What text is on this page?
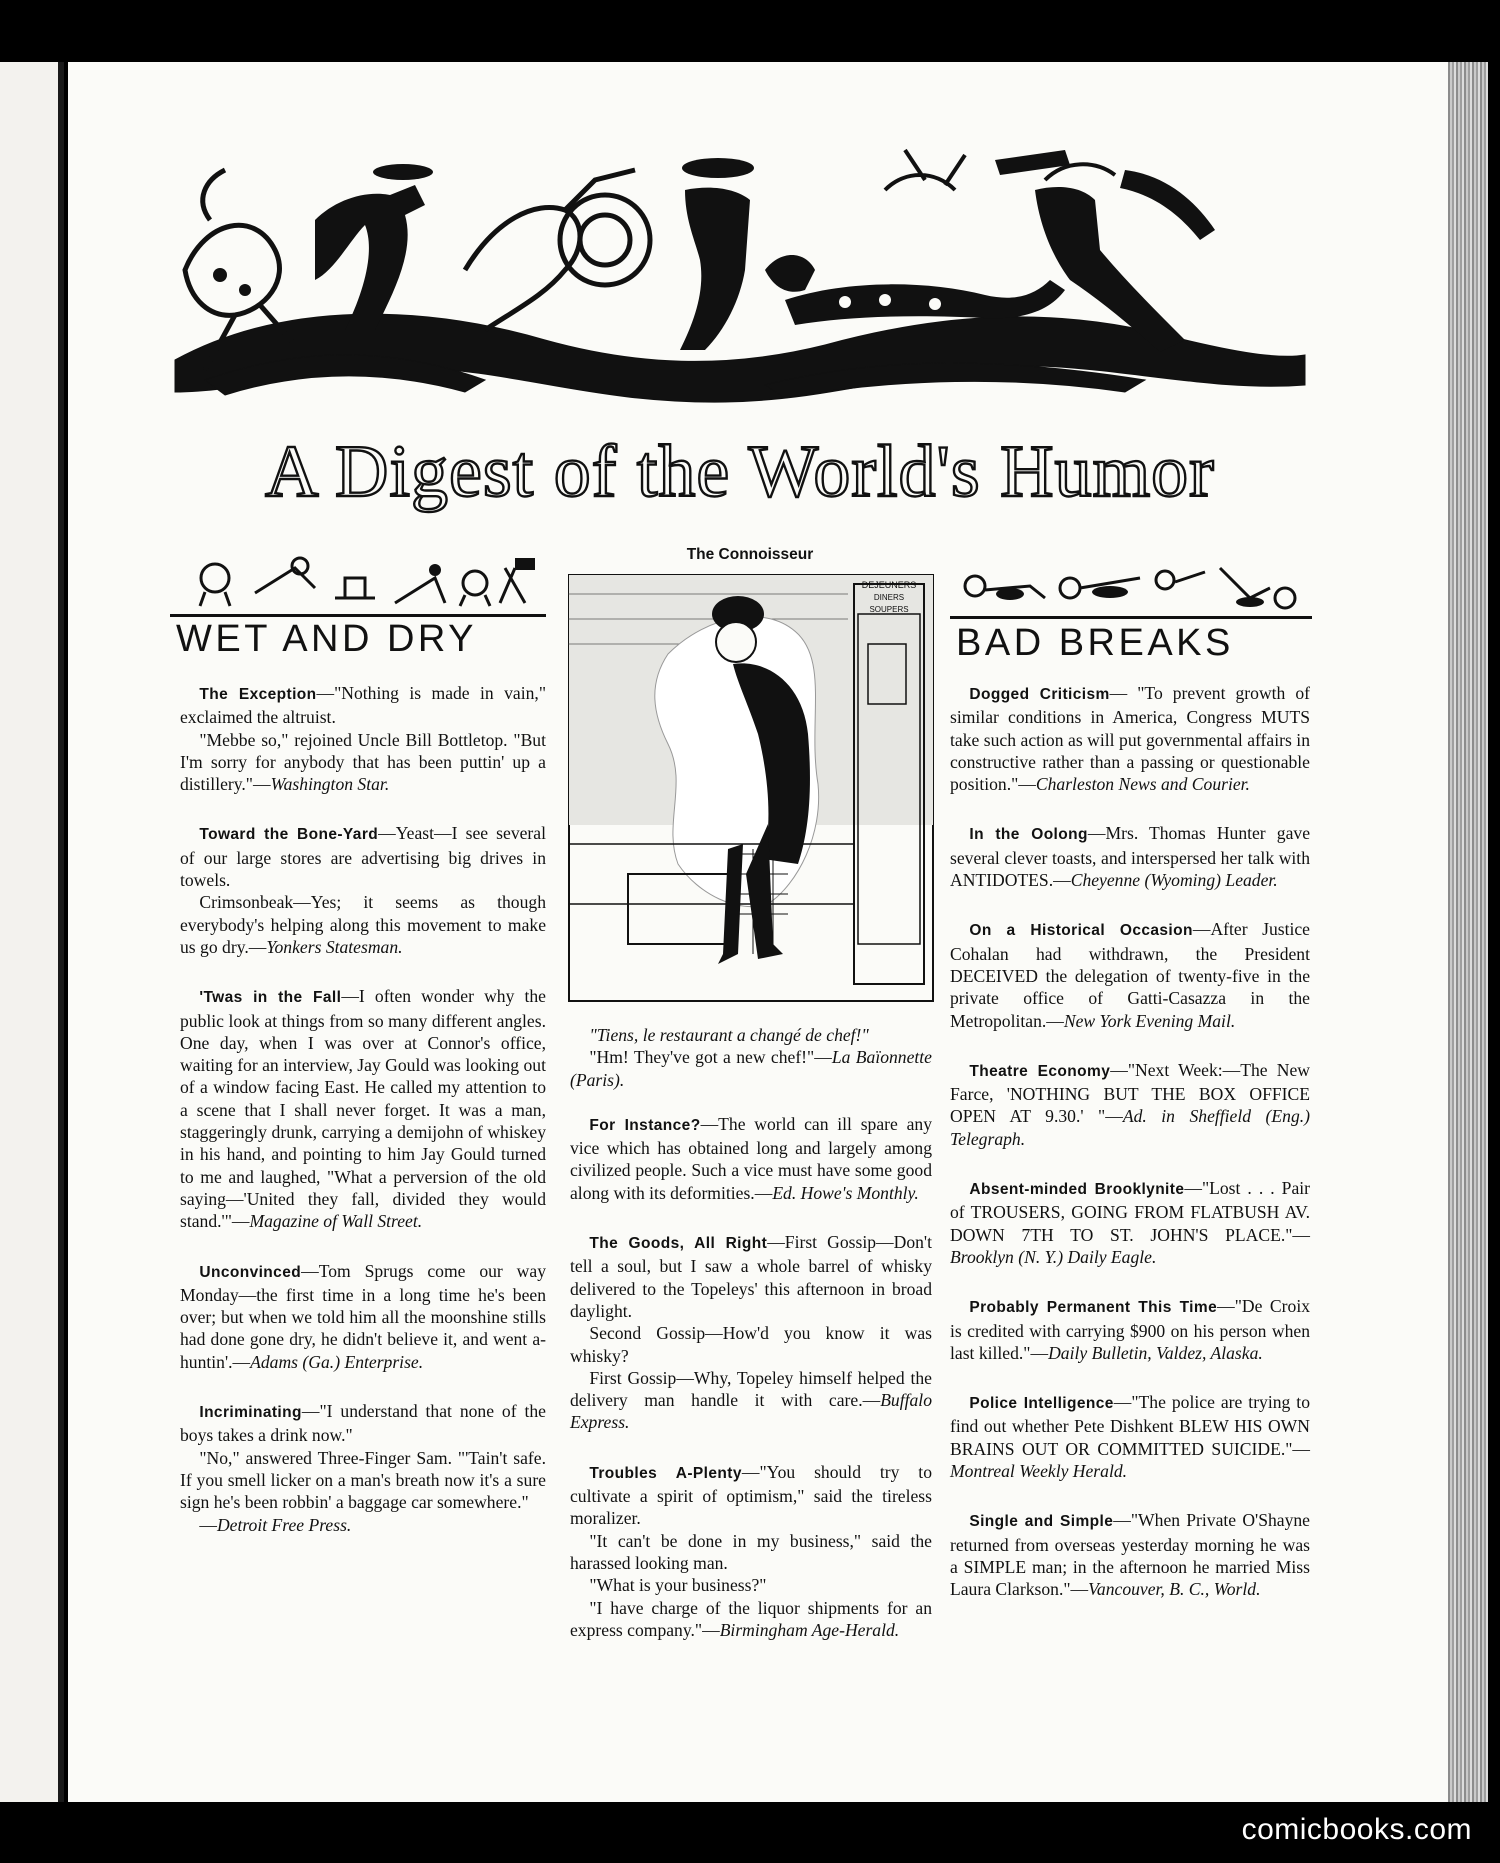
comicbooks.com
A Digest of the World's Humor
WET AND DRY

The Exception—"Nothing is made in vain," exclaimed the altruist.

"Mebbe so," rejoined Uncle Bill Bottletop. "But I'm sorry for anybody that has been puttin' up a distillery."—Washington Star.

Toward the Bone-Yard—Yeast—I see several of our large stores are advertising big drives in towels.

Crimsonbeak—Yes; it seems as though everybody's helping along this movement to make us go dry.—Yonkers Statesman.

'Twas in the Fall—I often wonder why the public look at things from so many different angles. One day, when I was over at Connor's office, waiting for an interview, Jay Gould was looking out of a window facing East. He called my attention to a scene that I shall never forget. It was a man, staggeringly drunk, carrying a demijohn of whiskey in his hand, and pointing to him Jay Gould turned to me and laughed, "What a perversion of the old saying—'United they fall, divided they would stand.'"—Magazine of Wall Street.

Unconvinced—Tom Sprugs come our way Monday—the first time in a long time he's been over; but when we told him all the moonshine stills had done gone dry, he didn't believe it, and went a-huntin'.—Adams (Ga.) Enterprise.

Incriminating—"I understand that none of the boys takes a drink now."

"No," answered Three-Finger Sam. "'Tain't safe. If you smell licker on a man's breath now it's a sure sign he's been robbin' a baggage car somewhere."

—Detroit Free Press.

The Connoisseur
DEJEUNERS
DINERS
SOUPERS

"Tiens, le restaurant a changé de chef!"

"Hm! They've got a new chef!"—La Baïonnette (Paris).

For Instance?—The world can ill spare any vice which has obtained long and largely among civilized people. Such a vice must have some good along with its deformities.—Ed. Howe's Monthly.

The Goods, All Right—First Gossip—Don't tell a soul, but I saw a whole barrel of whisky delivered to the Topeleys' this afternoon in broad daylight.

Second Gossip—How'd you know it was whisky?

First Gossip—Why, Topeley himself helped the delivery man handle it with care.—Buffalo Express.

Troubles A-Plenty—"You should try to cultivate a spirit of optimism," said the tireless moralizer.

"It can't be done in my business," said the harassed looking man.

"What is your business?"

"I have charge of the liquor shipments for an express company."—Birmingham Age-Herald.

BAD BREAKS

Dogged Criticism— "To prevent growth of similar conditions in America, Congress MUTS take such action as will put governmental affairs in constructive rather than a passing or questionable position."—Charleston News and Courier.

In the Oolong—Mrs. Thomas Hunter gave several clever toasts, and interspersed her talk with ANTIDOTES.—Cheyenne (Wyoming) Leader.

On a Historical Occasion—After Justice Cohalan had withdrawn, the President DECEIVED the delegation of twenty-five in the private office of Gatti-Casazza in the Metropolitan.—New York Evening Mail.

Theatre Economy—"Next Week:—The New Farce, 'NOTHING BUT THE BOX OFFICE OPEN AT 9.30.' "—Ad. in Sheffield (Eng.) Telegraph.

Absent-minded Brooklynite—"Lost . . . Pair of TROUSERS, GOING FROM FLATBUSH AV. DOWN 7TH TO ST. JOHN'S PLACE."—Brooklyn (N. Y.) Daily Eagle.

Probably Permanent This Time—"De Croix is credited with carrying $900 on his person when last killed."—Daily Bulletin, Valdez, Alaska.

Police Intelligence—"The police are trying to find out whether Pete Dishkent BLEW HIS OWN BRAINS OUT OR COMMITTED SUICIDE."—Montreal Weekly Herald.

Single and Simple—"When Private O'Shayne returned from overseas yesterday morning he was a SIMPLE man; in the afternoon he married Miss Laura Clarkson."—Vancouver, B. C., World.
